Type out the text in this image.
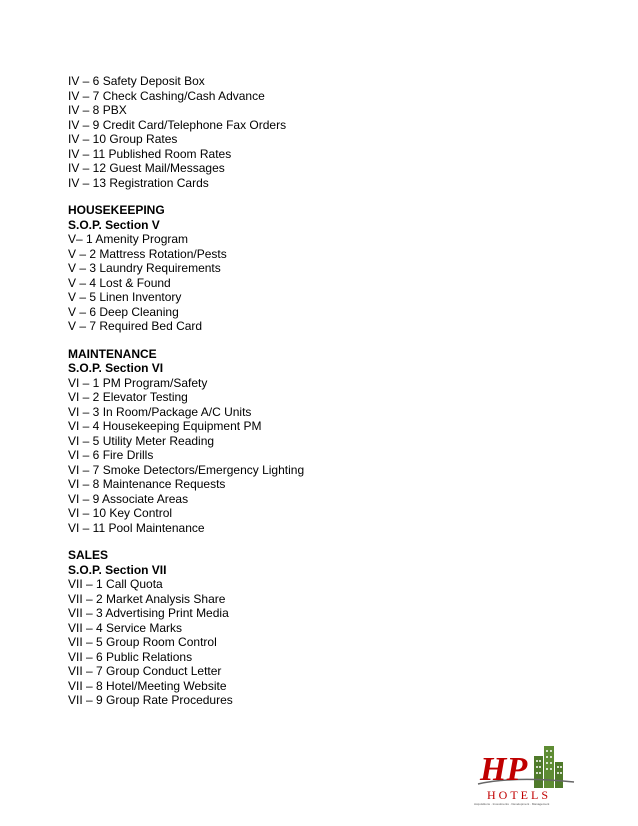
IV – 6 Safety Deposit Box
IV – 7 Check Cashing/Cash Advance
IV – 8 PBX
IV – 9 Credit Card/Telephone Fax Orders
IV – 10 Group Rates
IV – 11 Published Room Rates
IV – 12 Guest Mail/Messages
IV – 13 Registration Cards
HOUSEKEEPING
S.O.P. Section V
V– 1 Amenity Program
V – 2 Mattress Rotation/Pests
V – 3 Laundry Requirements
V – 4 Lost & Found
V – 5 Linen Inventory
V – 6 Deep Cleaning
V – 7 Required Bed Card
MAINTENANCE
S.O.P. Section VI
VI – 1 PM Program/Safety
VI – 2 Elevator Testing
VI – 3 In Room/Package A/C Units
VI – 4 Housekeeping Equipment PM
VI – 5 Utility Meter Reading
VI – 6 Fire Drills
VI – 7 Smoke Detectors/Emergency Lighting
VI – 8 Maintenance Requests
VI – 9 Associate Areas
VI – 10 Key Control
VI – 11 Pool Maintenance
SALES
S.O.P. Section VII
VII – 1 Call Quota
VII – 2 Market Analysis Share
VII – 3 Advertising Print Media
VII – 4 Service Marks
VII – 5 Group Room Control
VII – 6 Public Relations
VII – 7 Group Conduct Letter
VII – 8 Hotel/Meeting Website
VII – 9 Group Rate Procedures
HP
HOTELS
Acquisitions · Investments · Development · Management
